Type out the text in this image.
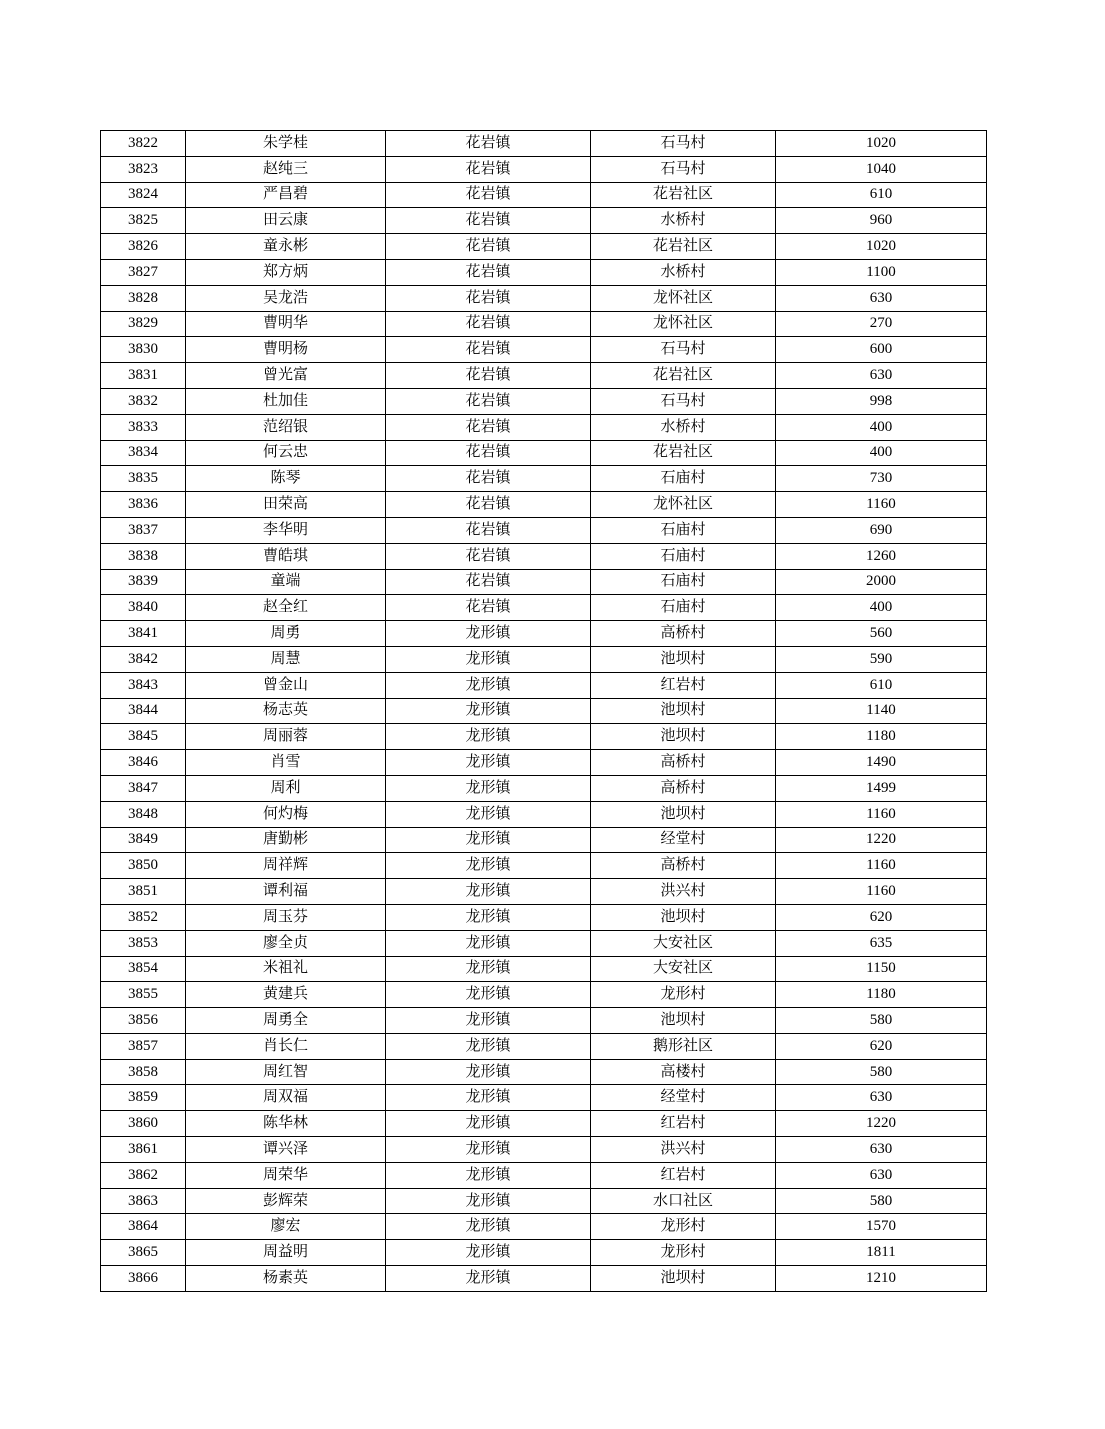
3822	朱学桂	花岩镇	石马村	1020
3823	赵纯三	花岩镇	石马村	1040
3824	严昌碧	花岩镇	花岩社区	610
3825	田云康	花岩镇	水桥村	960
3826	童永彬	花岩镇	花岩社区	1020
3827	郑方炳	花岩镇	水桥村	1100
3828	吴龙浩	花岩镇	龙怀社区	630
3829	曹明华	花岩镇	龙怀社区	270
3830	曹明杨	花岩镇	石马村	600
3831	曾光富	花岩镇	花岩社区	630
3832	杜加佳	花岩镇	石马村	998
3833	范绍银	花岩镇	水桥村	400
3834	何云忠	花岩镇	花岩社区	400
3835	陈琴	花岩镇	石庙村	730
3836	田荣高	花岩镇	龙怀社区	1160
3837	李华明	花岩镇	石庙村	690
3838	曹皓琪	花岩镇	石庙村	1260
3839	童端	花岩镇	石庙村	2000
3840	赵全红	花岩镇	石庙村	400
3841	周勇	龙形镇	高桥村	560
3842	周慧	龙形镇	池坝村	590
3843	曾金山	龙形镇	红岩村	610
3844	杨志英	龙形镇	池坝村	1140
3845	周丽蓉	龙形镇	池坝村	1180
3846	肖雪	龙形镇	高桥村	1490
3847	周利	龙形镇	高桥村	1499
3848	何灼梅	龙形镇	池坝村	1160
3849	唐勤彬	龙形镇	经堂村	1220
3850	周祥辉	龙形镇	高桥村	1160
3851	谭利福	龙形镇	洪兴村	1160
3852	周玉芬	龙形镇	池坝村	620
3853	廖全贞	龙形镇	大安社区	635
3854	米祖礼	龙形镇	大安社区	1150
3855	黄建兵	龙形镇	龙形村	1180
3856	周勇全	龙形镇	池坝村	580
3857	肖长仁	龙形镇	鹅形社区	620
3858	周红智	龙形镇	高楼村	580
3859	周双福	龙形镇	经堂村	630
3860	陈华林	龙形镇	红岩村	1220
3861	谭兴泽	龙形镇	洪兴村	630
3862	周荣华	龙形镇	红岩村	630
3863	彭辉荣	龙形镇	水口社区	580
3864	廖宏	龙形镇	龙形村	1570
3865	周益明	龙形镇	龙形村	1811
3866	杨素英	龙形镇	池坝村	1210
